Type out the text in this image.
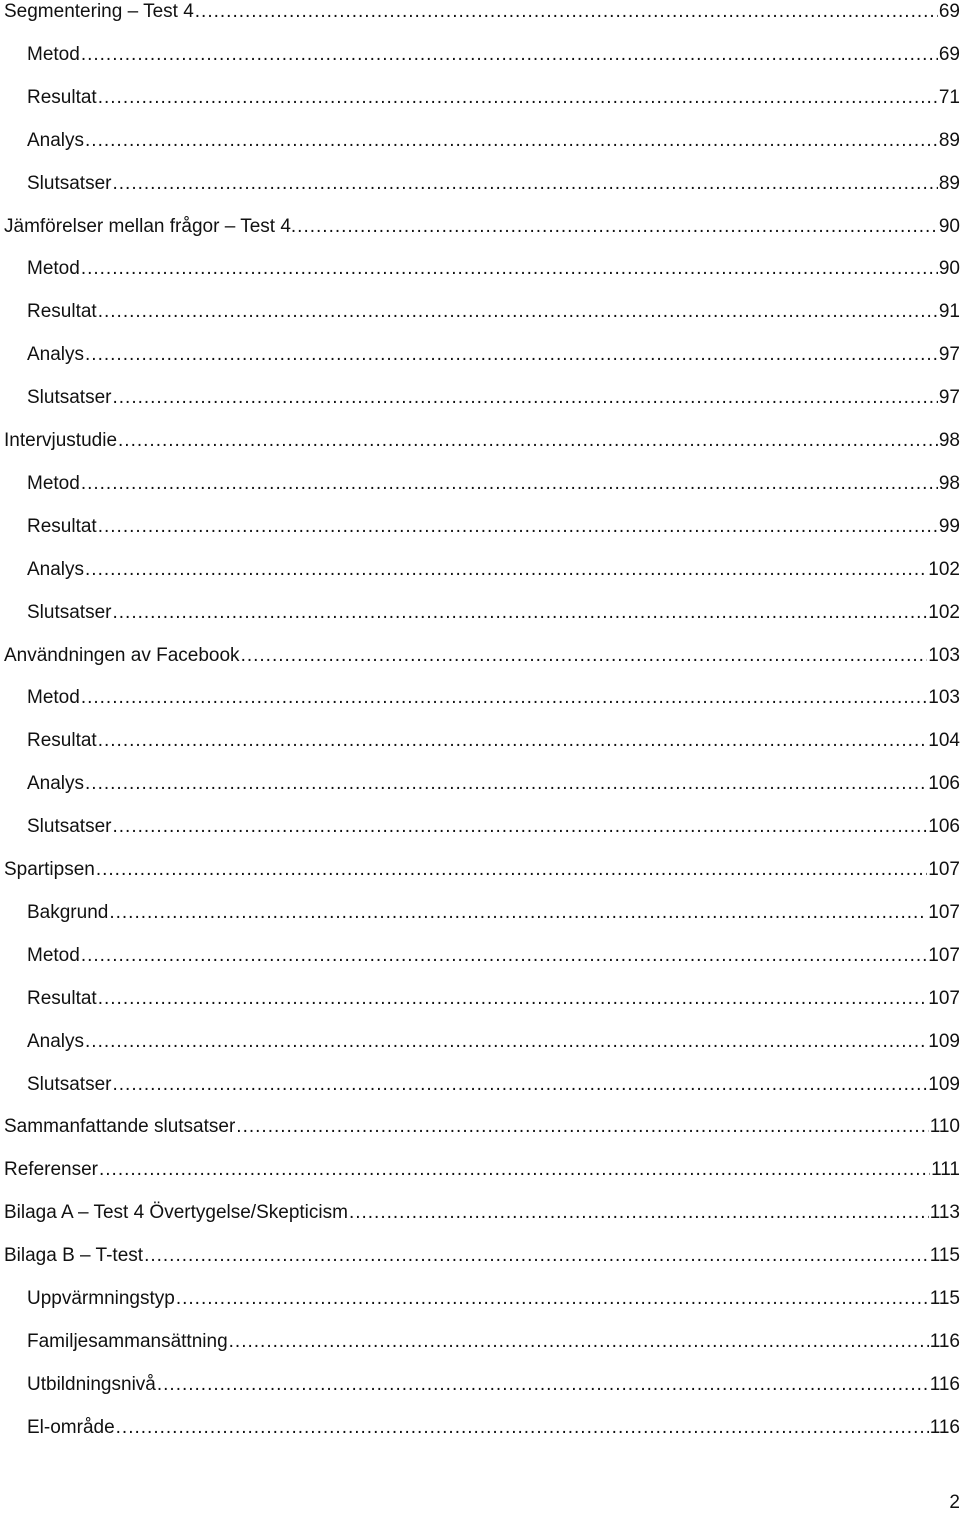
Segmentering – Test 4 .....	69
Metod .....	69
Resultat .....	71
Analys .....	89
Slutsatser .....	89
Jämförelser mellan frågor – Test 4. .....	90
Metod .....	90
Resultat .....	91
Analys .....	97
Slutsatser .....	97
Intervjustudie .....	98
Metod .....	98
Resultat .....	99
Analys .....	102
Slutsatser .....	102
Användningen av Facebook .....	103
Metod .....	103
Resultat .....	104
Analys .....	106
Slutsatser .....	106
Spartipsen .....	107
Bakgrund .....	107
Metod .....	107
Resultat .....	107
Analys .....	109
Slutsatser .....	109
Sammanfattande slutsatser .....	110
Referenser .....	111
Bilaga A – Test 4 Övertygelse/Skepticism .....	113
Bilaga B – T-test .....	115
Uppvärmningstyp .....	115
Familjesammansättning .....	116
Utbildningsnivå .....	116
El-område .....	116
2
